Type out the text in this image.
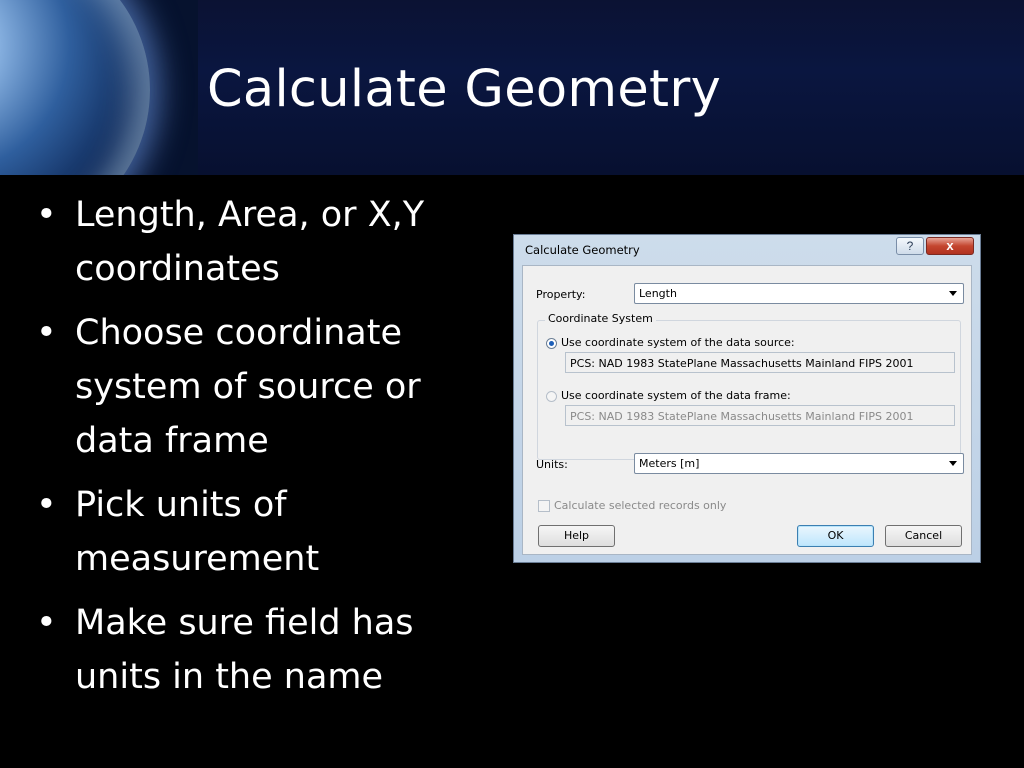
Calculate Geometry
• Length, Area, or X,Y coordinates
• Choose coordinate system of source or data frame
• Pick units of measurement
• Make sure field has units in the name
Calculate Geometry	?	x
Property:	Length
Coordinate System
Use coordinate system of the data source:
PCS: NAD 1983 StatePlane Massachusetts Mainland FIPS 2001
Use coordinate system of the data frame:
PCS: NAD 1983 StatePlane Massachusetts Mainland FIPS 2001
Units:	Meters [m]
Calculate selected records only
Help	OK	Cancel
